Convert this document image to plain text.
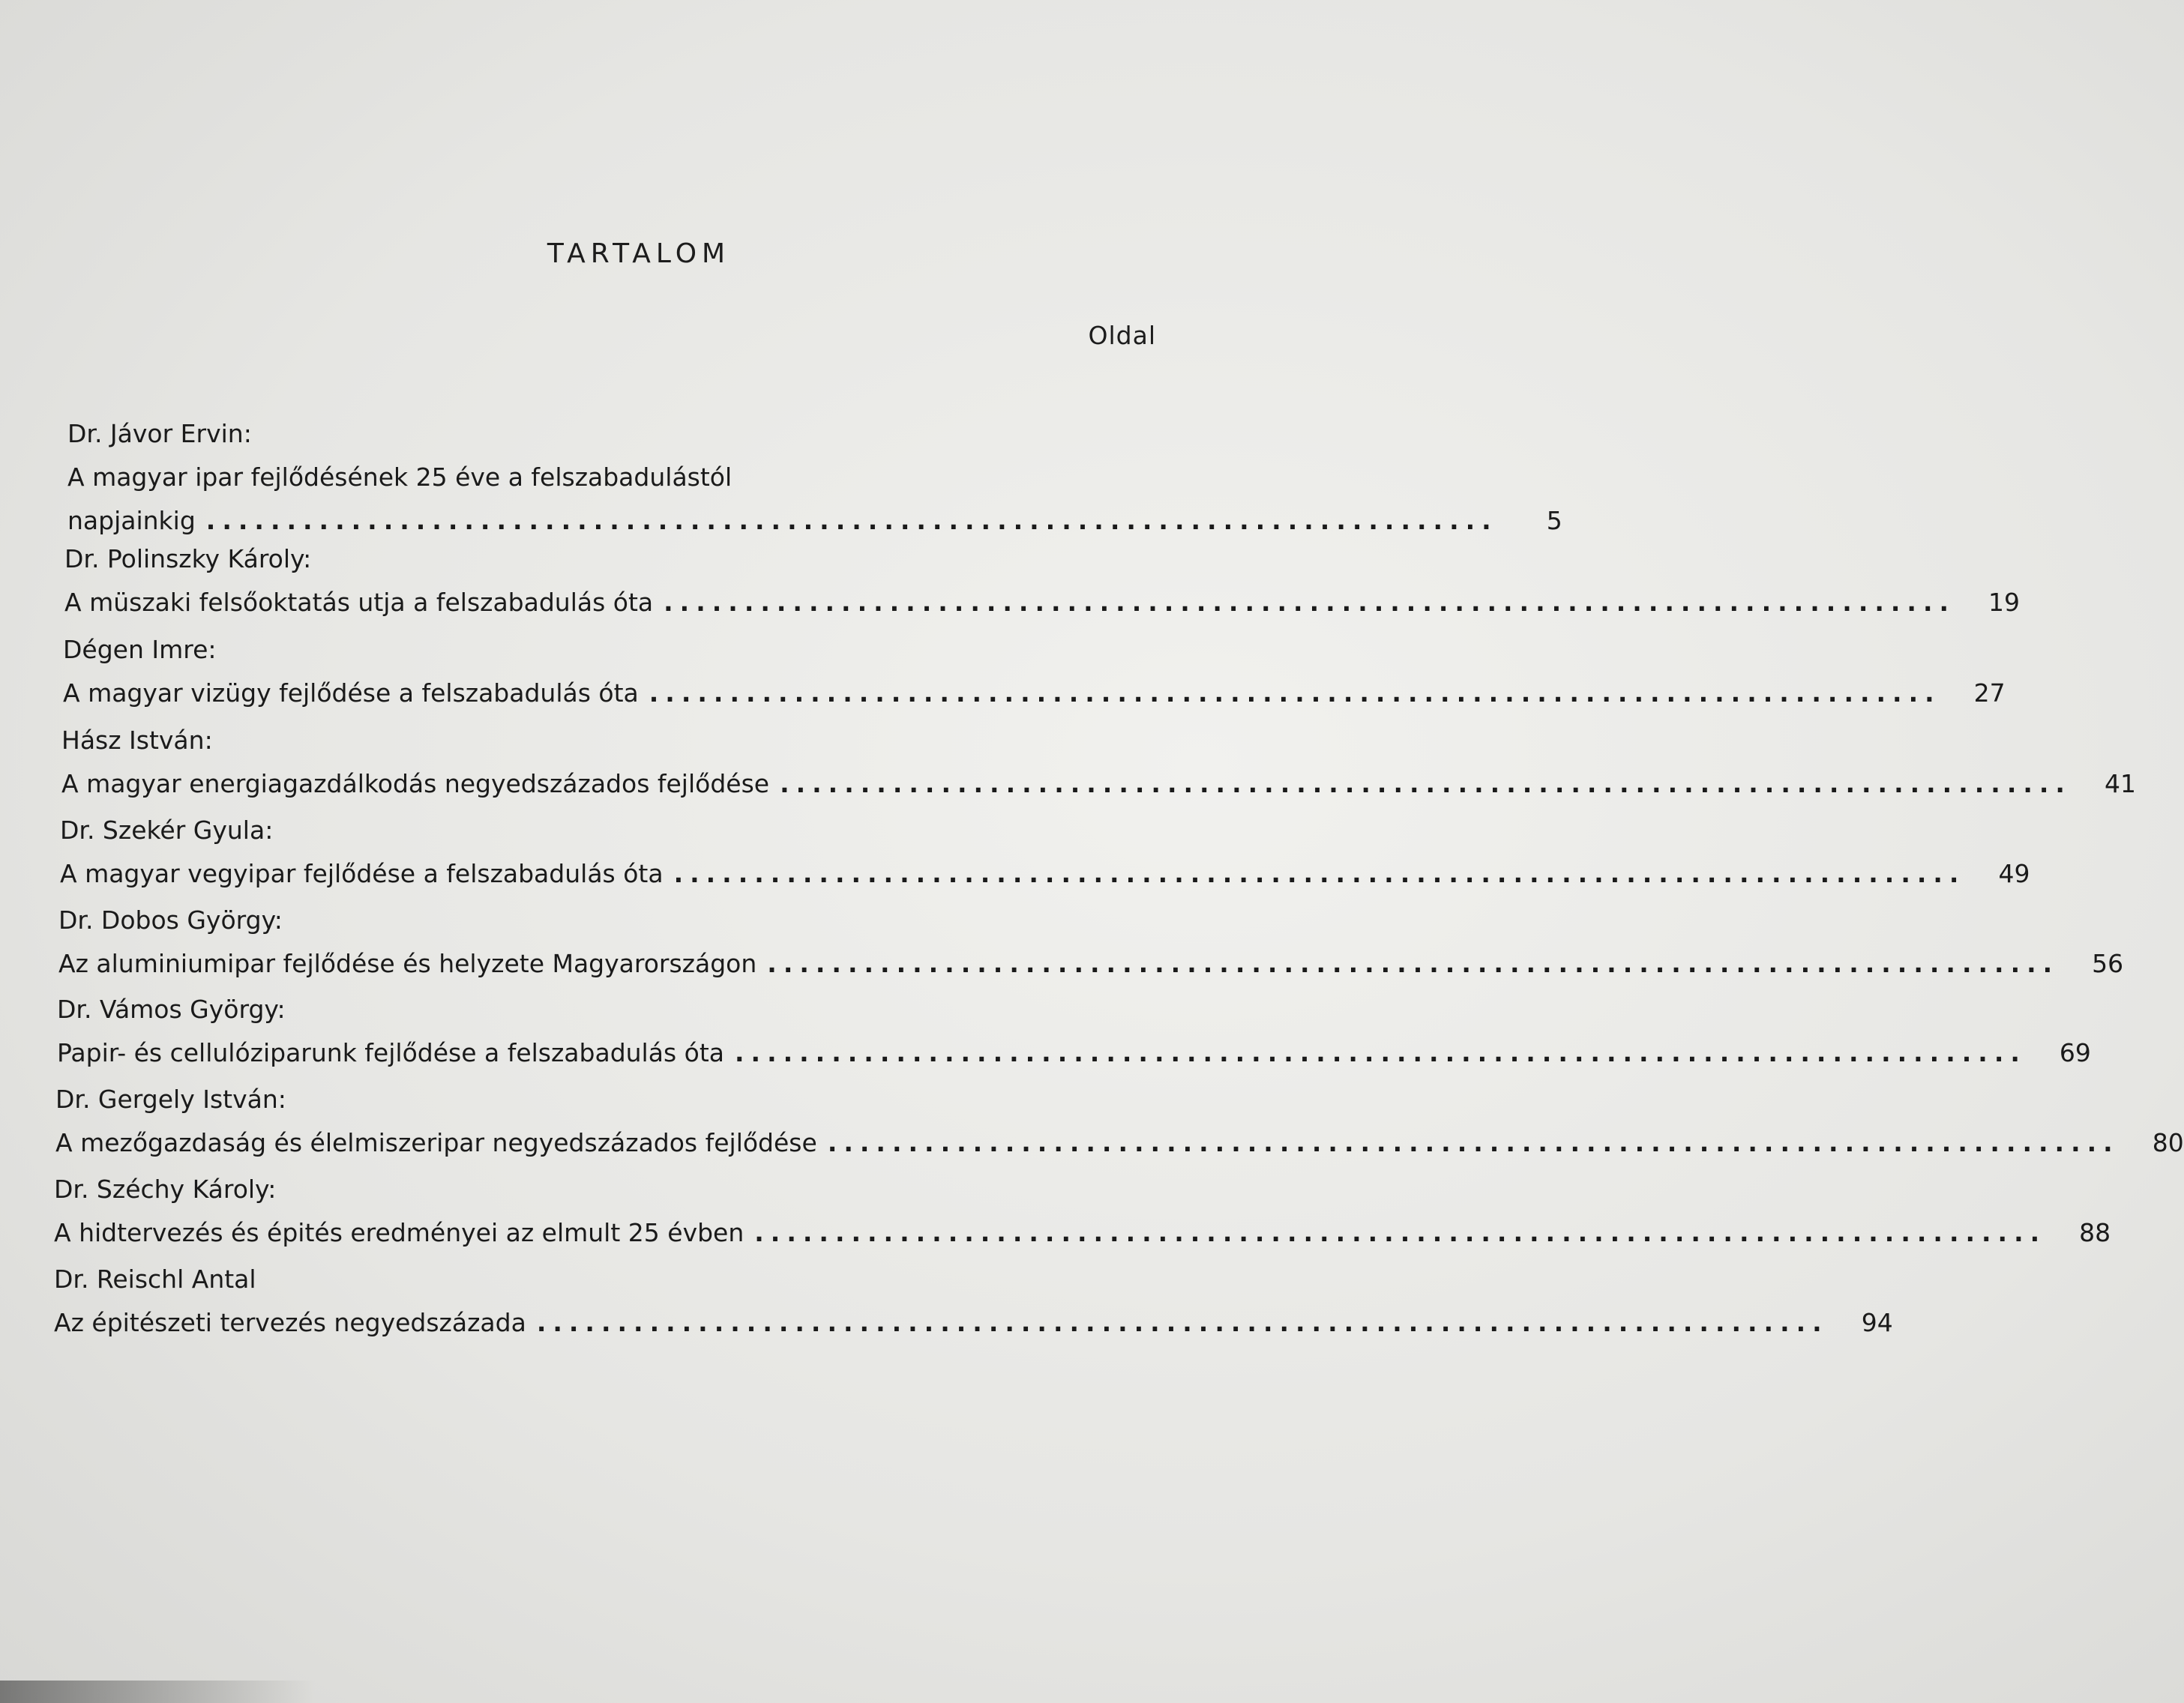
TARTALOM
Oldal
Dr. Jávor Ervin:
A magyar ipar fejlődésének 25 éve a felszabadulástól
napjainkig ................................................................................	5
Dr. Polinszky Károly:
A müszaki felsőoktatás utja a felszabadulás óta ................................................................................	19
Dégen Imre:
A magyar vizügy fejlődése a felszabadulás óta ................................................................................	27
Hász István:
A magyar energiagazdálkodás negyedszázados fejlődése ................................................................................	41
Dr. Szekér Gyula:
A magyar vegyipar fejlődése a felszabadulás óta ................................................................................	49
Dr. Dobos György:
Az aluminiumipar fejlődése és helyzete Magyarországon ................................................................................	56
Dr. Vámos György:
Papir- és cellulóziparunk fejlődése a felszabadulás óta ................................................................................	69
Dr. Gergely István:
A mezőgazdaság és élelmiszeripar negyedszázados fejlődése ................................................................................	80
Dr. Széchy Károly:
A hidtervezés és épités eredményei az elmult 25 évben ................................................................................	88
Dr. Reischl Antal
Az épitészeti tervezés negyedszázada ................................................................................	94
